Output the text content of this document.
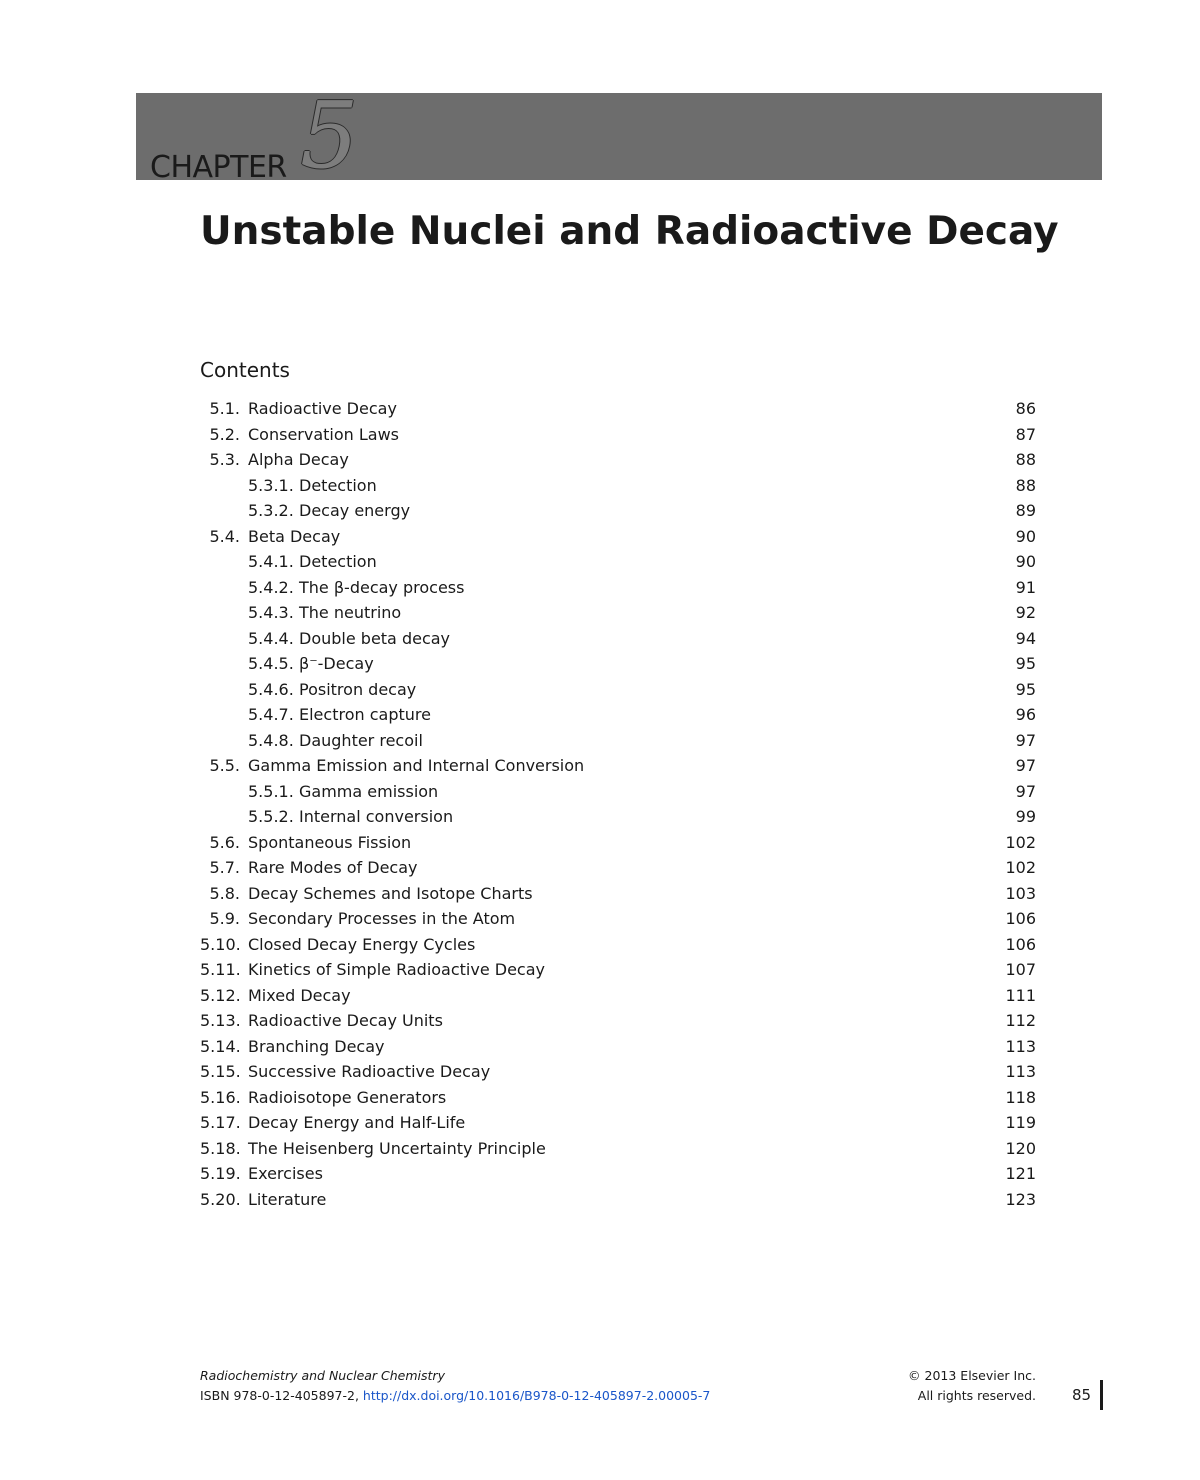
CHAPTER 5
Unstable Nuclei and Radioactive Decay
Contents
5.1. Radioactive Decay	86
5.2. Conservation Laws	87
5.3. Alpha Decay	88
5.3.1. Detection	88
5.3.2. Decay energy	89
5.4. Beta Decay	90
5.4.1. Detection	90
5.4.2. The β-decay process	91
5.4.3. The neutrino	92
5.4.4. Double beta decay	94
5.4.5. β⁻-Decay	95
5.4.6. Positron decay	95
5.4.7. Electron capture	96
5.4.8. Daughter recoil	97
5.5. Gamma Emission and Internal Conversion	97
5.5.1. Gamma emission	97
5.5.2. Internal conversion	99
5.6. Spontaneous Fission	102
5.7. Rare Modes of Decay	102
5.8. Decay Schemes and Isotope Charts	103
5.9. Secondary Processes in the Atom	106
5.10. Closed Decay Energy Cycles	106
5.11. Kinetics of Simple Radioactive Decay	107
5.12. Mixed Decay	111
5.13. Radioactive Decay Units	112
5.14. Branching Decay	113
5.15. Successive Radioactive Decay	113
5.16. Radioisotope Generators	118
5.17. Decay Energy and Half-Life	119
5.18. The Heisenberg Uncertainty Principle	120
5.19. Exercises	121
5.20. Literature	123
Radiochemistry and Nuclear Chemistry
ISBN 978-0-12-405897-2, http://dx.doi.org/10.1016/B978-0-12-405897-2.00005-7
© 2013 Elsevier Inc.
All rights reserved. 85
